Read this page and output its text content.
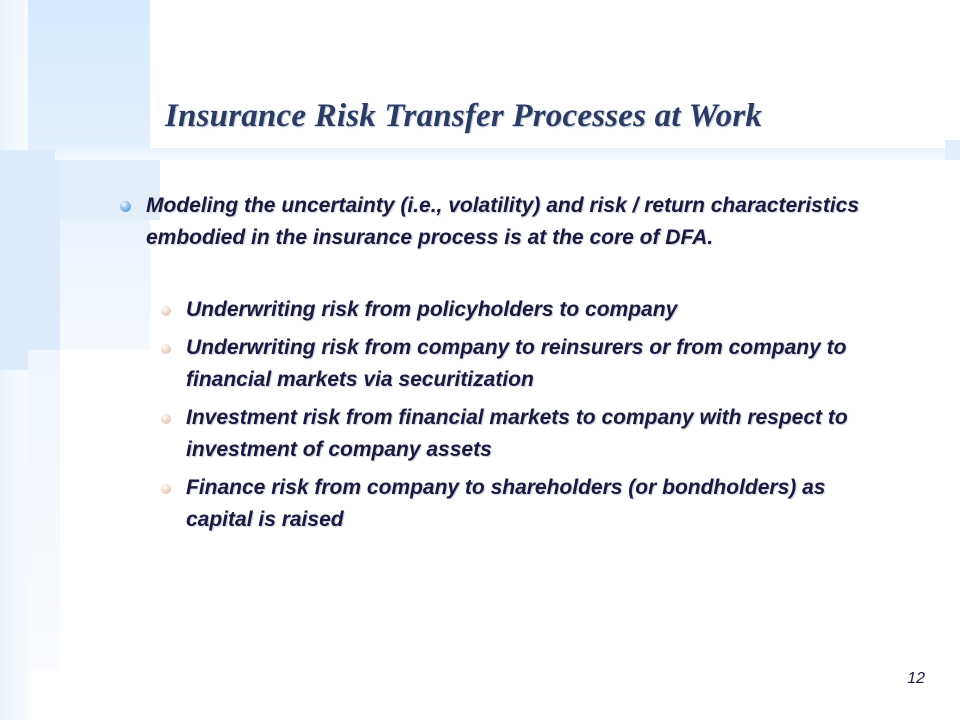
Insurance Risk Transfer Processes at Work
Modeling the uncertainty (i.e., volatility) and risk / return characteristics embodied in the insurance process is at the core of DFA.
Underwriting risk from policyholders to company
Underwriting risk from company to reinsurers or from company to financial markets via securitization
Investment risk from financial markets to company with respect to investment of company assets
Finance risk from company to shareholders (or bondholders) as capital is raised
12
